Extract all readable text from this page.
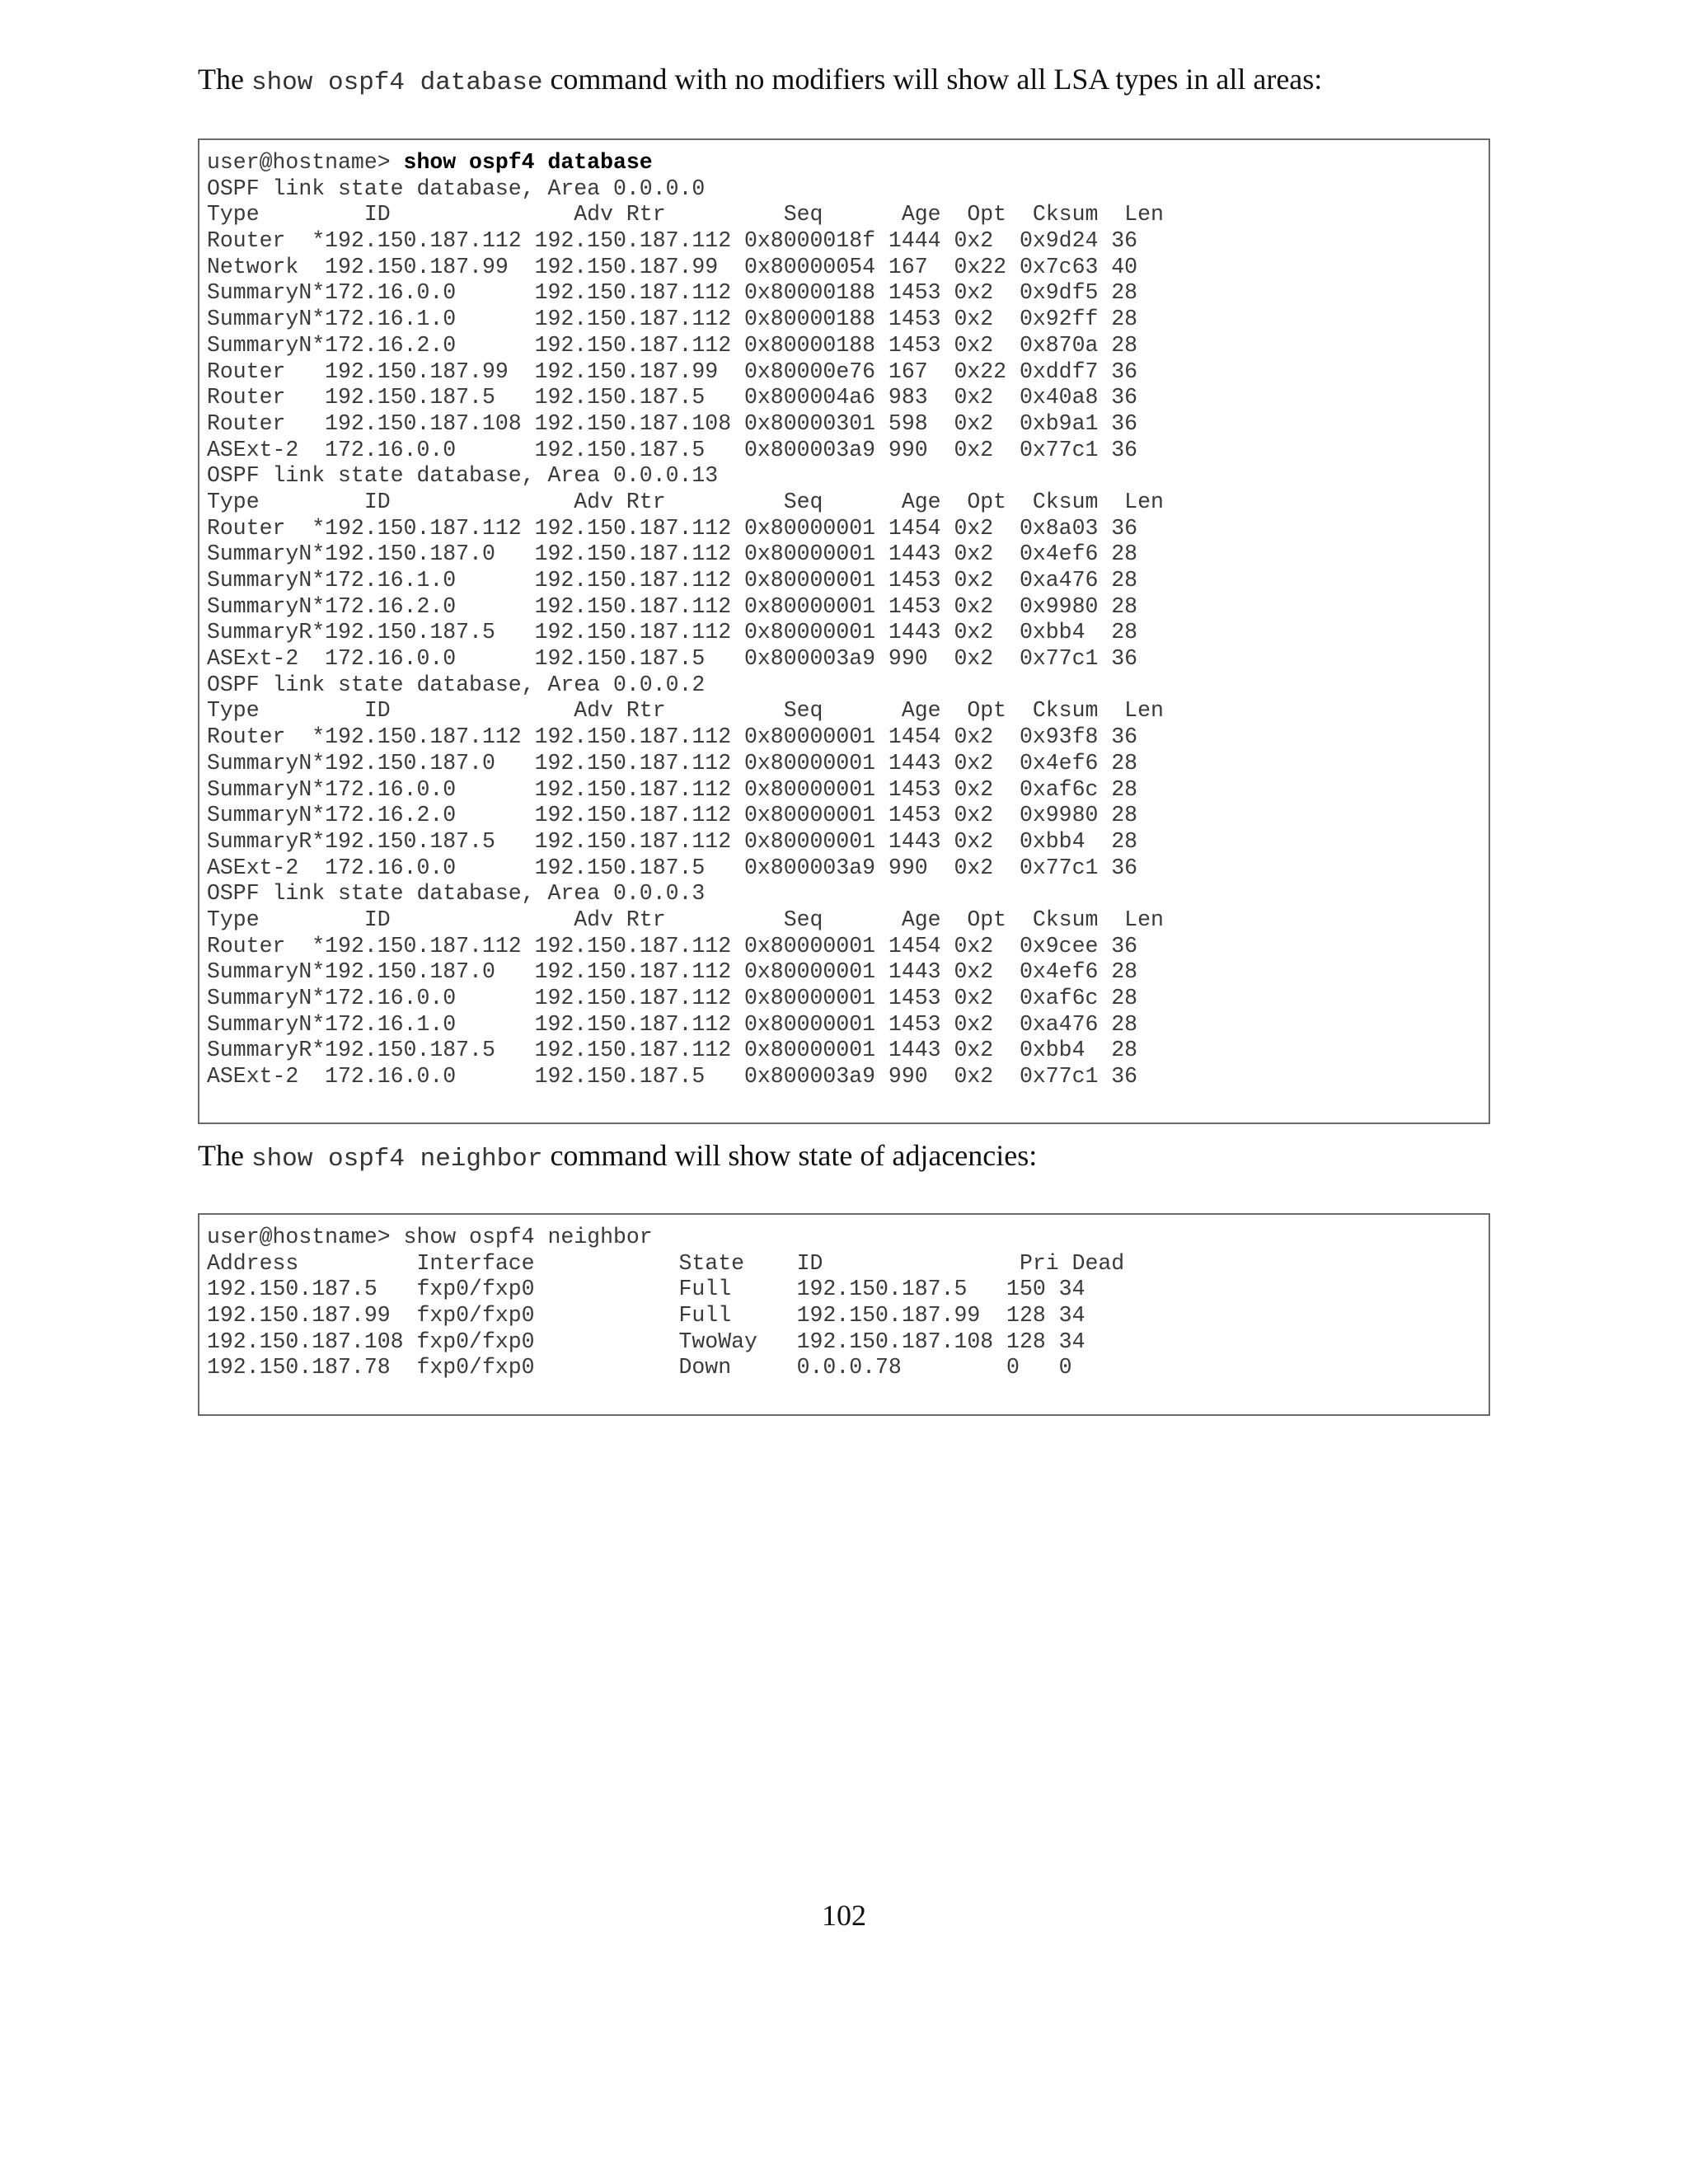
The show ospf4 database command with no modifiers will show all LSA types in all areas:

user@hostname> show ospf4 database
OSPF link state database, Area 0.0.0.0
Type        ID              Adv Rtr         Seq      Age  Opt  Cksum  Len
Router  *192.150.187.112 192.150.187.112 0x8000018f 1444 0x2  0x9d24 36
Network  192.150.187.99  192.150.187.99  0x80000054 167  0x22 0x7c63 40
SummaryN*172.16.0.0      192.150.187.112 0x80000188 1453 0x2  0x9df5 28
SummaryN*172.16.1.0      192.150.187.112 0x80000188 1453 0x2  0x92ff 28
SummaryN*172.16.2.0      192.150.187.112 0x80000188 1453 0x2  0x870a 28
Router   192.150.187.99  192.150.187.99  0x80000e76 167  0x22 0xddf7 36
Router   192.150.187.5   192.150.187.5   0x800004a6 983  0x2  0x40a8 36
Router   192.150.187.108 192.150.187.108 0x80000301 598  0x2  0xb9a1 36
ASExt-2  172.16.0.0      192.150.187.5   0x800003a9 990  0x2  0x77c1 36
OSPF link state database, Area 0.0.0.13
Type        ID              Adv Rtr         Seq      Age  Opt  Cksum  Len
Router  *192.150.187.112 192.150.187.112 0x80000001 1454 0x2  0x8a03 36
SummaryN*192.150.187.0   192.150.187.112 0x80000001 1443 0x2  0x4ef6 28
SummaryN*172.16.1.0      192.150.187.112 0x80000001 1453 0x2  0xa476 28
SummaryN*172.16.2.0      192.150.187.112 0x80000001 1453 0x2  0x9980 28
SummaryR*192.150.187.5   192.150.187.112 0x80000001 1443 0x2  0xbb4  28
ASExt-2  172.16.0.0      192.150.187.5   0x800003a9 990  0x2  0x77c1 36
OSPF link state database, Area 0.0.0.2
Type        ID              Adv Rtr         Seq      Age  Opt  Cksum  Len
Router  *192.150.187.112 192.150.187.112 0x80000001 1454 0x2  0x93f8 36
SummaryN*192.150.187.0   192.150.187.112 0x80000001 1443 0x2  0x4ef6 28
SummaryN*172.16.0.0      192.150.187.112 0x80000001 1453 0x2  0xaf6c 28
SummaryN*172.16.2.0      192.150.187.112 0x80000001 1453 0x2  0x9980 28
SummaryR*192.150.187.5   192.150.187.112 0x80000001 1443 0x2  0xbb4  28
ASExt-2  172.16.0.0      192.150.187.5   0x800003a9 990  0x2  0x77c1 36
OSPF link state database, Area 0.0.0.3
Type        ID              Adv Rtr         Seq      Age  Opt  Cksum  Len
Router  *192.150.187.112 192.150.187.112 0x80000001 1454 0x2  0x9cee 36
SummaryN*192.150.187.0   192.150.187.112 0x80000001 1443 0x2  0x4ef6 28
SummaryN*172.16.0.0      192.150.187.112 0x80000001 1453 0x2  0xaf6c 28
SummaryN*172.16.1.0      192.150.187.112 0x80000001 1453 0x2  0xa476 28
SummaryR*192.150.187.5   192.150.187.112 0x80000001 1443 0x2  0xbb4  28
ASExt-2  172.16.0.0      192.150.187.5   0x800003a9 990  0x2  0x77c1 36

The show ospf4 neighbor command will show state of adjacencies:

user@hostname> show ospf4 neighbor
Address         Interface           State    ID               Pri Dead
192.150.187.5   fxp0/fxp0           Full     192.150.187.5   150 34
192.150.187.99  fxp0/fxp0           Full     192.150.187.99  128 34
192.150.187.108 fxp0/fxp0           TwoWay   192.150.187.108 128 34
192.150.187.78  fxp0/fxp0           Down     0.0.0.78        0   0
102
